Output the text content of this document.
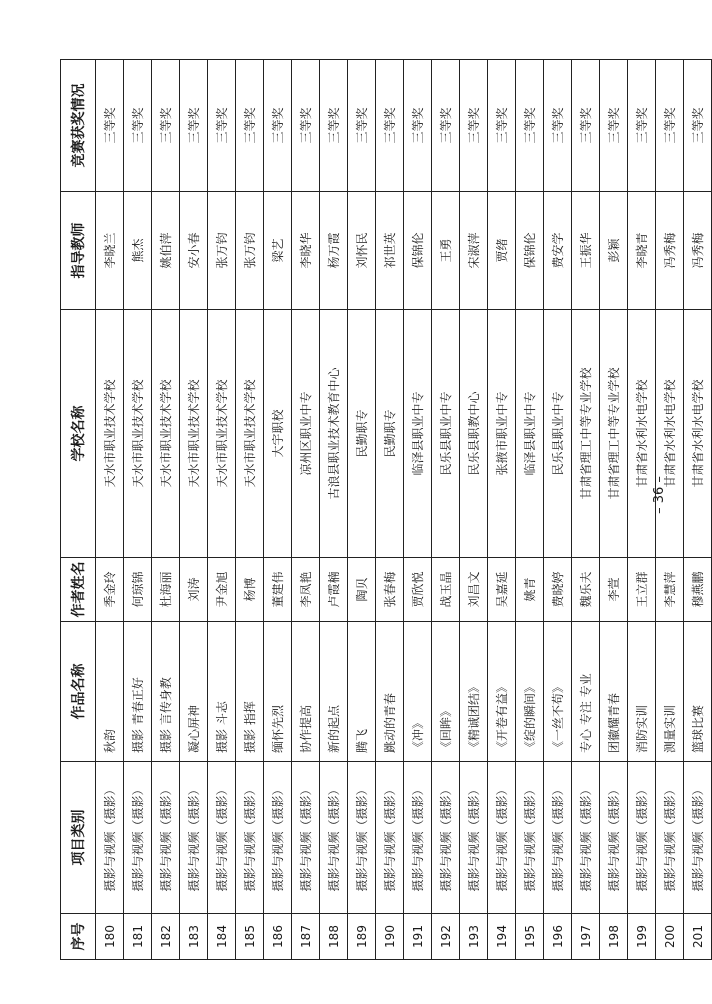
序号	项目类别	作品名称	作者姓名	学校名称	指导教师	竞赛获奖情况
180	摄影与视频（摄影）	秋韵	季金玲	天水市职业技术学校	李晓兰	三等奖
181	摄影与视频（摄影）	摄影 青春正好	何琼锦	天水市职业技术学校	熊杰	三等奖
182	摄影与视频（摄影）	摄影 言传身教	杜海丽	天水市职业技术学校	姚伯萍	三等奖
183	摄影与视频（摄影）	凝心屏神	刘涛	天水市职业技术学校	安小春	三等奖
184	摄影与视频（摄影）	摄影 斗志	尹金旭	天水市职业技术学校	张万钧	三等奖
185	摄影与视频（摄影）	摄影 指挥	杨博	天水市职业技术学校	张万钧	三等奖
186	摄影与视频（摄影）	缅怀先烈	董建伟	大宇职校	梁艺	三等奖
187	摄影与视频（摄影）	协作提高	李凤艳	凉州区职业中专	李晓华	三等奖
188	摄影与视频（摄影）	新的起点	卢霞楠	古浪县职业技术教育中心	杨万霞	三等奖
189	摄影与视频（摄影）	腾飞	陶贝	民勤职专	刘怀民	三等奖
190	摄影与视频（摄影）	跳动的青春	张春梅	民勤职专	祁世英	三等奖
191	摄影与视频（摄影）	《冲》	贾欣悦	临泽县职业中专	保锦伦	三等奖
192	摄影与视频（摄影）	《回眸》	战玉晶	民乐县职业中专	王勇	三等奖
193	摄影与视频（摄影）	《精诚团结》	刘昌文	民乐县职教中心	宋淑萍	三等奖
194	摄影与视频（摄影）	《开卷有益》	吴嘉延	张掖市职业中专	贾绪	三等奖
195	摄影与视频（摄影）	《绽的瞬间》	姚青	临泽县职业中专	保锦伦	三等奖
196	摄影与视频（摄影）	《一丝不苟》	费晓婷	民乐县职业中专	费安学	三等奖
197	摄影与视频（摄影）	专心 专注 专业	魏乐夫	甘肃省理工中等专业学校	王振华	三等奖
198	摄影与视频（摄影）	团徽耀青春	李萱	甘肃省理工中等专业学校	彭颖	三等奖
199	摄影与视频（摄影）	消防实训	王立群	甘肃省水利水电学校	李晓青	三等奖
200	摄影与视频（摄影）	测量实训	李慧萍	甘肃省水利水电学校	冯秀梅	三等奖
201	摄影与视频（摄影）	篮球比赛	穆燕鹏	甘肃省水利水电学校	冯秀梅	三等奖
– 36 –
